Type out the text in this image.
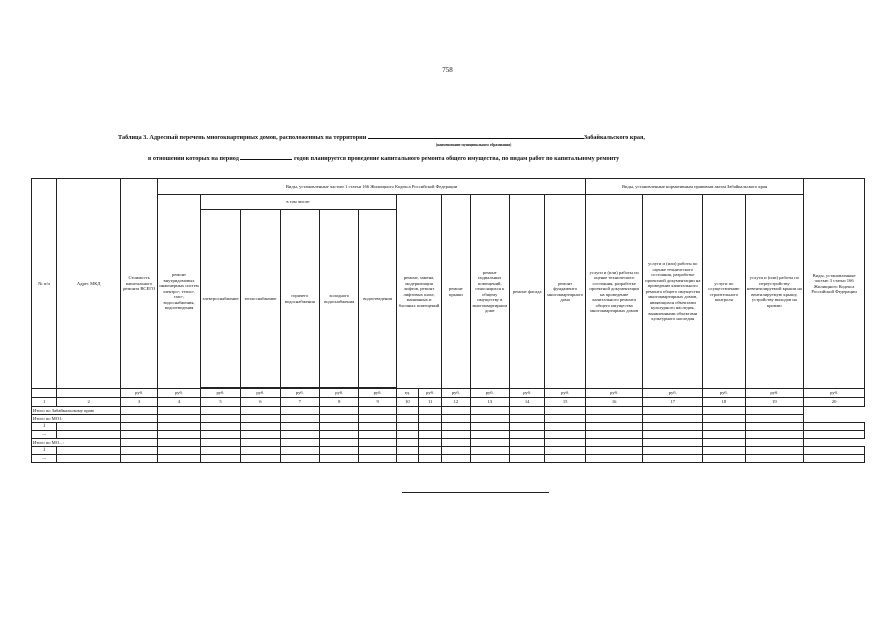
758
Таблица 3. Адресный перечень многоквартирных домов, расположенных на территории	Забайкальского края,
(наименование муниципального образования)
в отношении которых на период	годов планируется проведение капитального ремонта общего имущества, по видам работ по капитальному ремонту
№ п/п	Адрес МКД	Стоимость капитального ремонта ВСЕГО	Виды, установленные частью 1 статьи 166 Жилищного Кодекса Российской Федерации												Виды, установленные нормативным правовым актом Забайкальского края				Виды, установленные частью 3 статьи 166 Жилищного Кодекса Российской Федерации
			ремонт внутридомовых инженерных систем электро-, тепло-, газо-, водоснабжения, водоотведения	в том числе:					ремонт, замена, модернизация лифтов, ремонт лифтовых шахт, машинных и блочных помещений		ремонт крыши	ремонт подвальных помещений, относящихся к общему имуществу в многоквартирном доме	ремонт фасада	ремонт фундамента многоквартирного дома	услуги и (или) работы по оценке технического состояния, разработке проектной документации на проведение капитального ремонта общего имущества многоквартирных домов	услуги и (или) работы по оценке технического состояния, разработке проектной документации на проведение капитального ремонта общего имущества многоквартирных домов, являющихся объектами культурного наследия, выявленными объектами культурного наследия	услуги по осуществлению строительного контроля	услуги и (или) работы по переустройству невентилируемой крыши на вентилируемую крышу, устройству выходов на кровлю	
				электроснабжение	теплоснабжение	горячего водоснабжения	холодного водоснабжения	водоотведения											

		руб.	руб.	руб.	руб.	руб.	руб.	руб.	ед.	руб.	руб.	руб.	руб.	руб.	руб.	руб.	руб.	руб.	руб.
1	2	3	4	5	6	7	8	9	10	11	12	13	14	15	16	17	18	19	20
Итого по Забайкальскому краю																			
Итого по МО1:																			
1																			
...																			
Итого по МО...:																			
1																			
...																			
